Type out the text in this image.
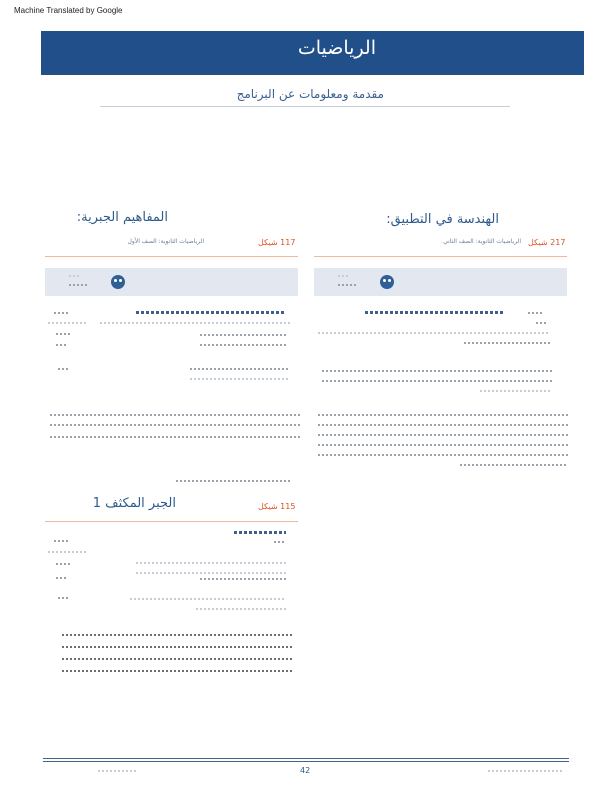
Machine Translated by Google
الرياضيات
مقدمة ومعلومات عن البرنامج
الهندسة في التطبيق:
217 شيكل
الرياضيات الثانوية: الصف الثاني
المفاهيم الجبرية:
117 شيكل
الرياضيات الثانوية: الصف الأول
الجبر المكثف 1	115 شيكل
42
